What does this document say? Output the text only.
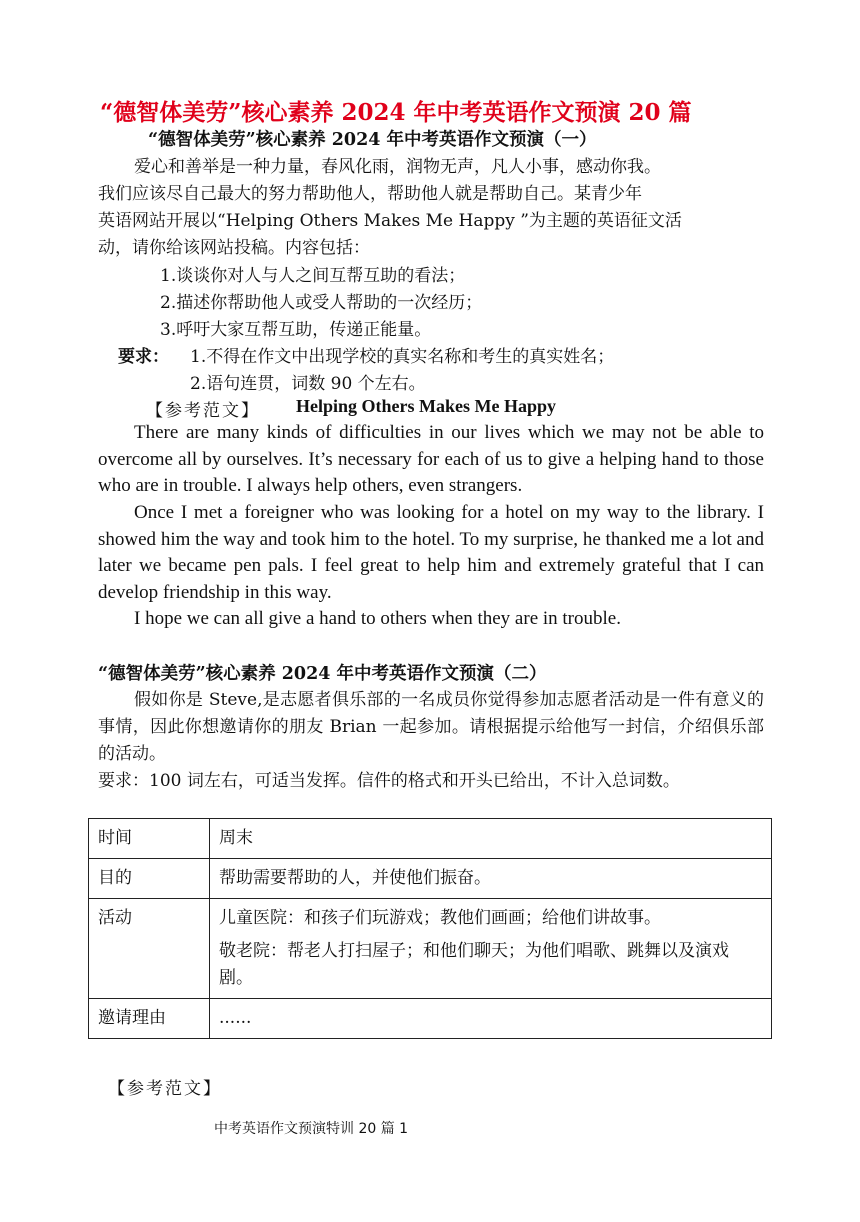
“德智体美劳”核心素养 2024 年中考英语作文预演 20 篇
“德智体美劳”核心素养 2024 年中考英语作文预演（一）
爱心和善举是一种力量，春风化雨，润物无声，凡人小事，感动你我。
我们应该尽自己最大的努力帮助他人，帮助他人就是帮助自己。某青少年
英语网站开展以“Helping Others Makes Me Happy ”为主题的英语征文活
动，请你给该网站投稿。内容包括：
1.谈谈你对人与人之间互帮互助的看法；
2.描述你帮助他人或受人帮助的一次经历；
3.呼吁大家互帮互助，传递正能量。
要求： 1.不得在作文中出现学校的真实名称和考生的真实姓名；
2.语句连贯，词数 90 个左右。
【参考范文】 Helping Others Makes Me Happy

There are many kinds of difficulties in our lives which we may not be able to overcome all by ourselves. It’s necessary for each of us to give a helping hand to those who are in trouble. I always help others, even strangers.

Once I met a foreigner who was looking for a hotel on my way to the library. I showed him the way and took him to the hotel. To my surprise, he thanked me a lot and later we became pen pals. I feel great to help him and extremely grateful that I can develop friendship in this way.

I hope we can all give a hand to others when they are in trouble.

“德智体美劳”核心素养 2024 年中考英语作文预演（二）

假如你是 Steve,是志愿者俱乐部的一名成员你觉得参加志愿者活动是一件有意义的事情，因此你想邀请你的朋友 Brian 一起参加。请根据提示给他写一封信，介绍俱乐部的活动。

要求：100 词左右，可适当发挥。信件的格式和开头已给出，不计入总词数。

时间	周末
目的	帮助需要帮助的人，并使他们振奋。
活动	儿童医院：和孩子们玩游戏；教他们画画；给他们讲故事。
敬老院：帮老人打扫屋子；和他们聊天；为他们唱歌、跳舞以及演戏剧。

邀请理由	......
【参考范文】
中考英语作文预演特训 20 篇 1
